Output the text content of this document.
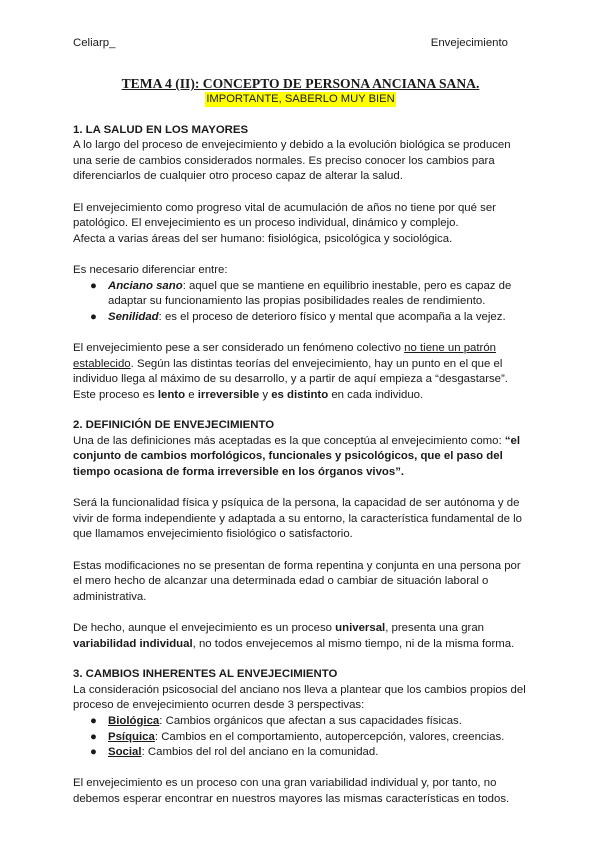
Celiarp_	Envejecimiento
TEMA 4 (II): CONCEPTO DE PERSONA ANCIANA SANA.
IMPORTANTE, SABERLO MUY BIEN
1. LA SALUD EN LOS MAYORES

A lo largo del proceso de envejecimiento y debido a la evolución biológica se producen una serie de cambios considerados normales. Es preciso conocer los cambios para diferenciarlos de cualquier otro proceso capaz de alterar la salud.

El envejecimiento como progreso vital de acumulación de años no tiene por qué ser patológico. El envejecimiento es un proceso individual, dinámico y complejo.

Afecta a varias áreas del ser humano: fisiológica, psicológica y sociológica.

Es necesario diferenciar entre:

● Anciano sano: aquel que se mantiene en equilibrio inestable, pero es capaz de adaptar su funcionamiento las propias posibilidades reales de rendimiento.
● Senilidad: es el proceso de deterioro físico y mental que acompaña a la vejez.

El envejecimiento pese a ser considerado un fenómeno colectivo no tiene un patrón establecido. Según las distintas teorías del envejecimiento, hay un punto en el que el individuo llega al máximo de su desarrollo, y a partir de aquí empieza a “desgastarse”. Este proceso es lento e irreversible y es distinto en cada individuo.

2. DEFINICIÓN DE ENVEJECIMIENTO

Una de las definiciones más aceptadas es la que conceptúa al envejecimiento como: “el conjunto de cambios morfológicos, funcionales y psicológicos, que el paso del tiempo ocasiona de forma irreversible en los órganos vivos”.

Será la funcionalidad física y psíquica de la persona, la capacidad de ser autónoma y de vivir de forma independiente y adaptada a su entorno, la característica fundamental de lo que llamamos envejecimiento fisiológico o satisfactorio.

Estas modificaciones no se presentan de forma repentina y conjunta en una persona por el mero hecho de alcanzar una determinada edad o cambiar de situación laboral o administrativa.

De hecho, aunque el envejecimiento es un proceso universal, presenta una gran variabilidad individual, no todos envejecemos al mismo tiempo, ni de la misma forma.

3. CAMBIOS INHERENTES AL ENVEJECIMIENTO

La consideración psicosocial del anciano nos lleva a plantear que los cambios propios del proceso de envejecimiento ocurren desde 3 perspectivas:

● Biológica: Cambios orgánicos que afectan a sus capacidades físicas.
● Psíquica: Cambios en el comportamiento, autopercepción, valores, creencias.
● Social: Cambios del rol del anciano en la comunidad.

El envejecimiento es un proceso con una gran variabilidad individual y, por tanto, no debemos esperar encontrar en nuestros mayores las mismas características en todos.
